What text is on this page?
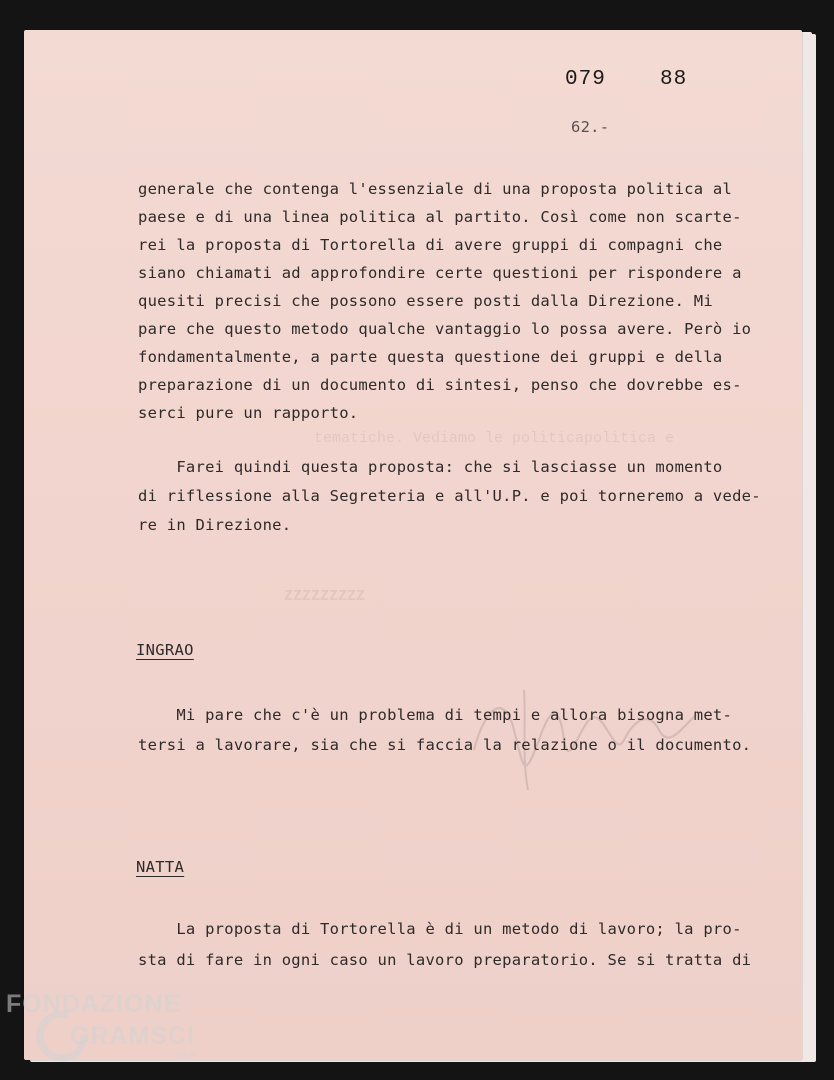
tematiche. Vediamo le politicapolitica e
ZZZZZZZZZ
079	88
62.-
generale che contenga l'essenziale di una proposta politica al
paese e di una linea politica al partito. Così come non scarte-
rei la proposta di Tortorella di avere gruppi di compagni che
siano chiamati ad approfondire certe questioni per rispondere a
quesiti precisi che possono essere posti dalla Direzione. Mi
pare che questo metodo qualche vantaggio lo possa avere. Però io
fondamentalmente, a parte questa questione dei gruppi e della
preparazione di un documento di sintesi, penso che dovrebbe es-
serci pure un rapporto.
Farei quindi questa proposta: che si lasciasse un momento
di riflessione alla Segreteria e all'U.P. e poi torneremo a vede-
re in Direzione.
INGRAO
Mi pare che c'è un problema di tempi e allora bisogna met-
tersi a lavorare, sia che si faccia la relazione o il documento.
NATTA
La proposta di Tortorella è di un metodo di lavoro; la pro-
sta di fare in ogni caso un lavoro preparatorio. Se si tratta di
FONDAZIONE
GRAMSCI
onlus
